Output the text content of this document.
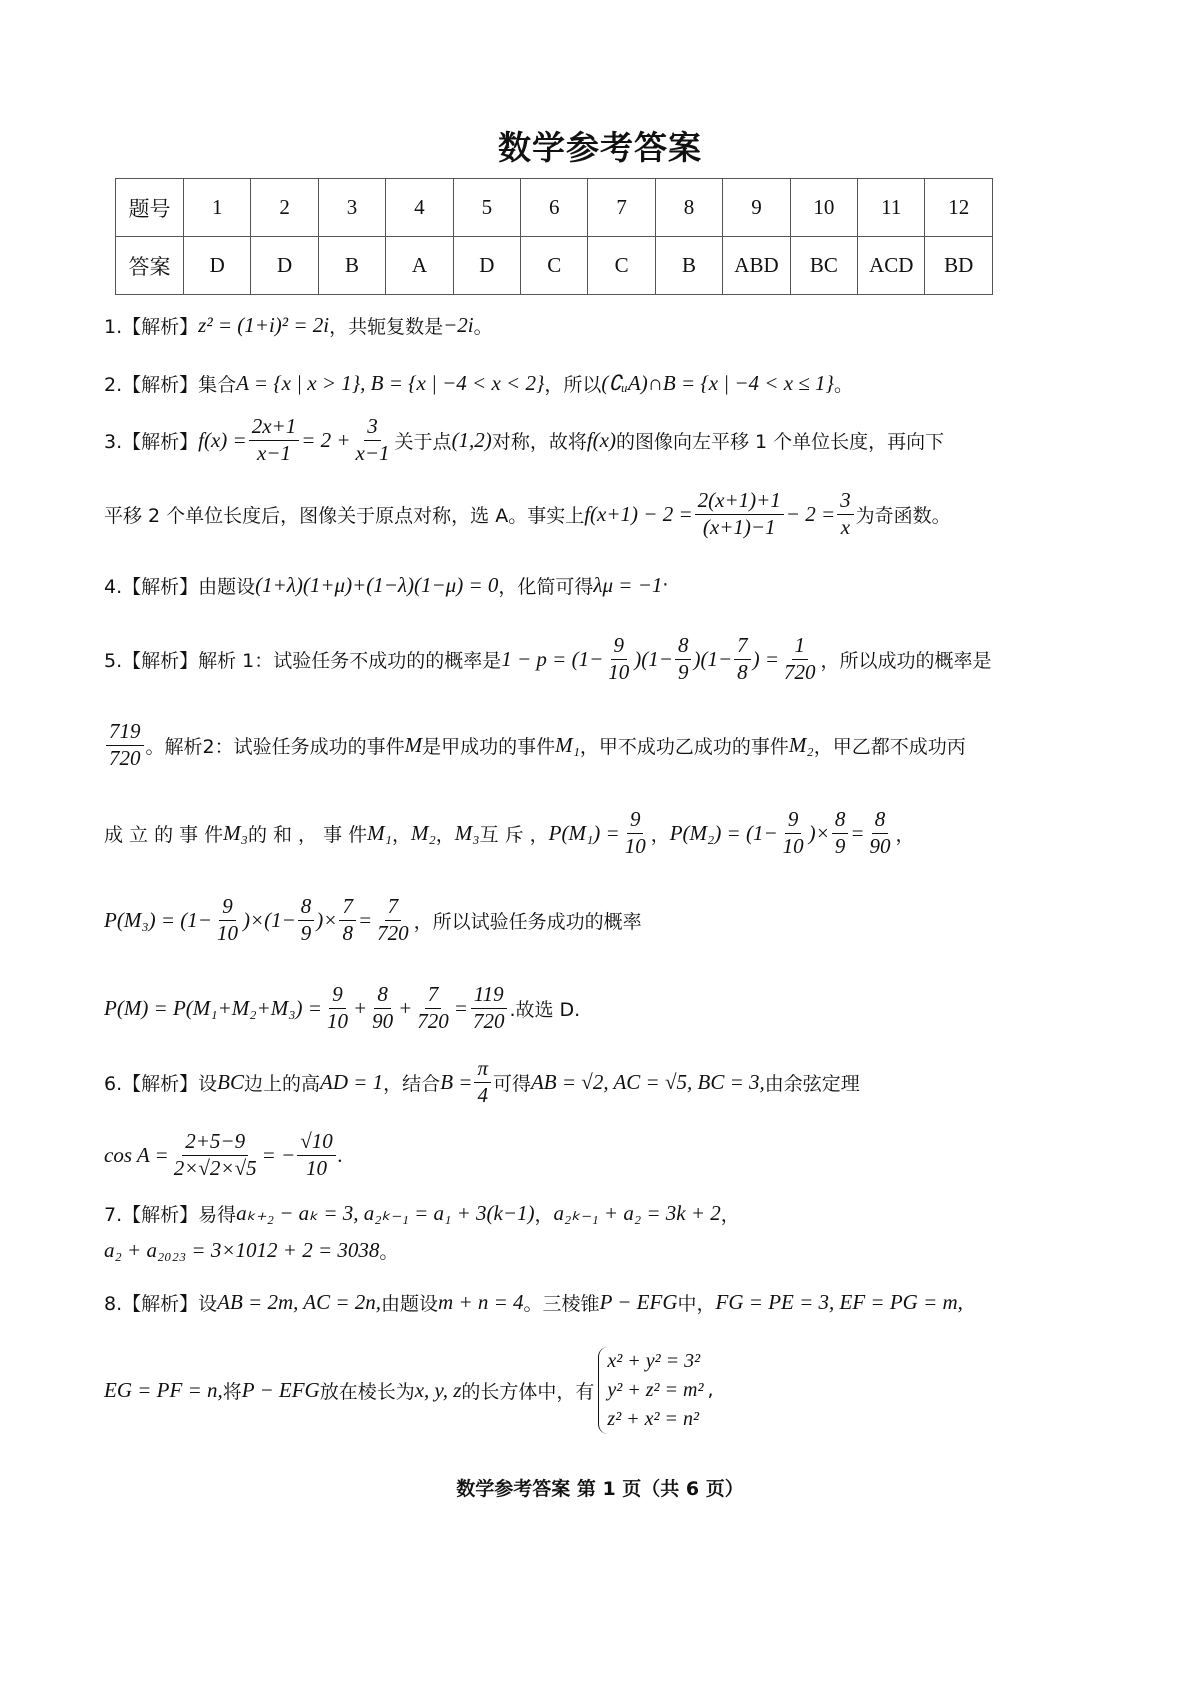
数学参考答案
题号	1	2	3	4	5	6	7	8	9	10	11	12
答案	D	D	B	A	D	C	C	B	ABD	BC	ACD	BD
1.【解析】 z² = (1+i)² = 2i ，共轭复数是 −2i 。
2.【解析】集合 A = {x | x > 1}, B = {x | −4 < x < 2} ，所以 (∁ᵤA)∩B = {x | −4 < x ≤ 1} 。
3.【解析】 $f(x) = \frac{2x+1}{x-1} = 2 + \frac{3}{x-1}$ 关于点 (1,2) 对称，故将 f(x) 的图像向左平移 1 个单位长度，再向下
平移 2 个单位长度后，图像关于原点对称，选 A。事实上 $f(x+1) - 2 = \frac{2(x+1)+1}{(x+1)-1} - 2 = \frac{3}{x}$ 为奇函数。
4.【解析】由题设 (1+λ)(1+μ)+(1−λ)(1−μ) = 0 ，化简可得 λμ = −1 ·
5.【解析】解析 1：试验任务不成功的的概率是 $1 - p = (1- \frac{9}{10} )(1- \frac{8}{9} )(1- \frac{7}{8}$ ) = $\frac{1}{720}$ ，所以成功的概率是
$\frac{719}{720}$ 。解析2：试验任务成功的事件 M 是甲成功的事件 M₁ ，甲不成功乙成功的事件 M₂ ，甲乙都不成功丙
成 立 的 事 件 M₃ 的 和 ， 事 件 M₁ ， M₂ ， M₃ 互 斥 ， $P(M_1) = \frac{9}{10}$ ， $P(M_2) = (1- \frac{9}{10}$ )× $\frac{8}{9} = \frac{8}{90}$ ，
$P(M_3) = (1- \frac{9}{10} )\times(1- \frac{8}{9}$ )× $\frac{7}{8} = \frac{7}{720}$ ，所以试验任务成功的概率
$P(M) = P(M_1+M_2+M_3) = \frac{9}{10} + \frac{8}{90} + \frac{7}{720} = \frac{119}{720}$ .故选 D.
6.【解析】设 BC 边上的高 AD = 1 ，结合 $B = \frac{\pi}{4}$ 可得 AB = √2, AC = √5, BC = 3, 由余弦定理
$\cos A = \frac{2+5-9}{2\times√2\times√5}$ = − $\frac{√10}{10}$ .
7.【解析】易得 aₖ₊₂ − aₖ = 3, a₂ₖ₋₁ = a₁ + 3(k−1) ， a₂ₖ₋₁ + a₂ = 3k + 2 ，
a₂ + a₂₀₂₃ = 3×1012 + 2 = 3038 。
8.【解析】设 AB = 2m, AC = 2n, 由题设 m + n = 4 。三棱锥 P − EFG 中， FG = PE = 3, EF = PG = m,
EG = PF = n, 将 P − EFG 放在棱长为 x, y, z 的长方体中，有
x² + y² = 3²
y² + z² = m²
z² + x² = n²
,
数学参考答案 第 1 页（共 6 页）
